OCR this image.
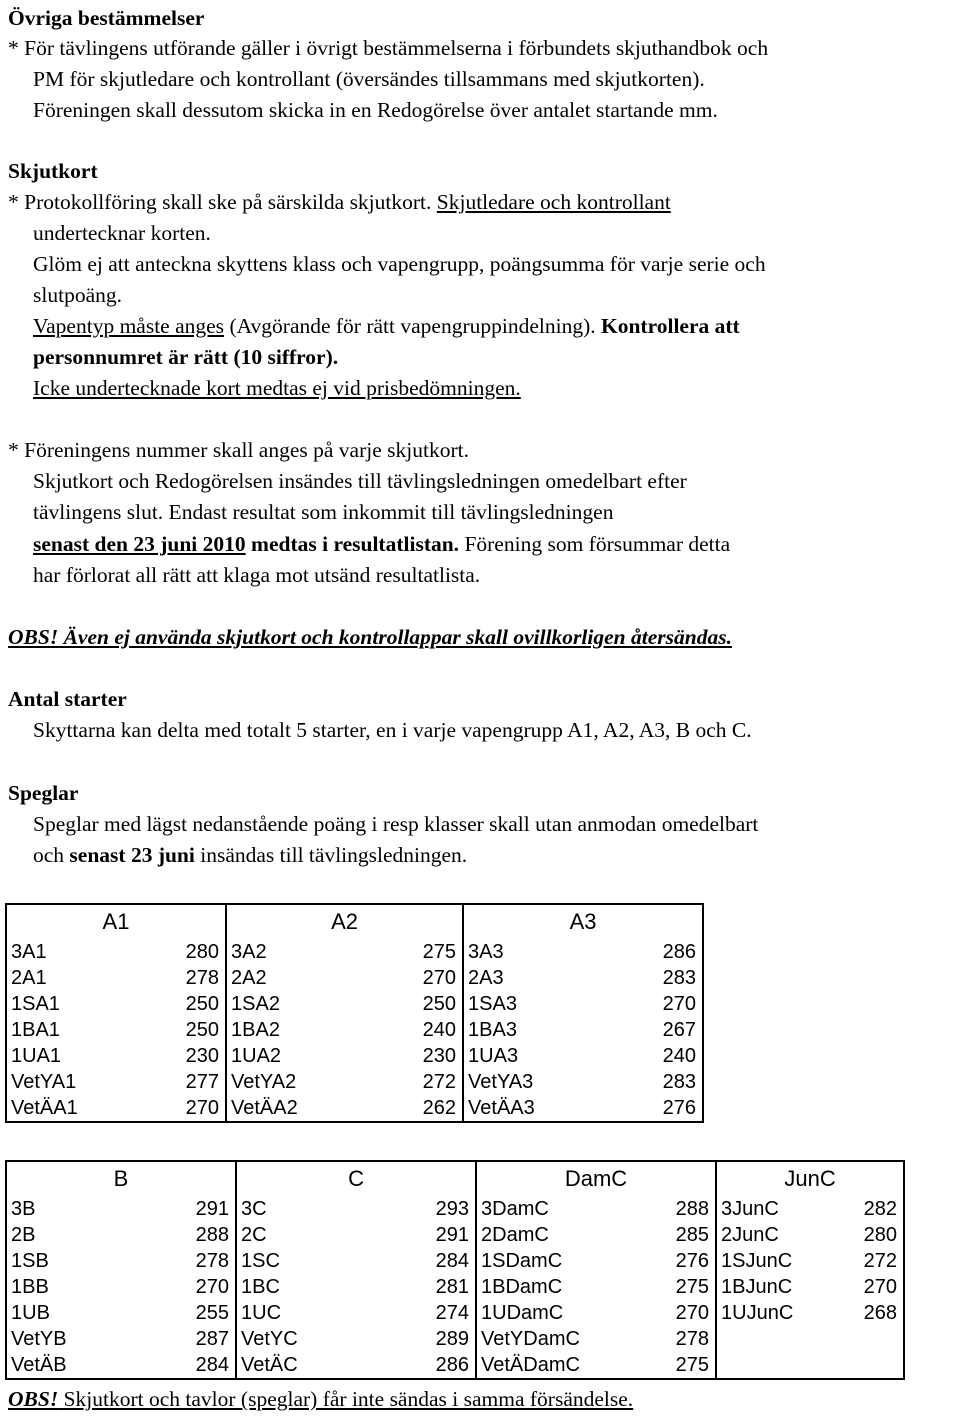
Övriga bestämmelser
* För tävlingens utförande gäller i övrigt bestämmelserna i förbundets skjuthandbok och
PM för skjutledare och kontrollant (översändes tillsammans med skjutkorten).
Föreningen skall dessutom skicka in en Redogörelse över antalet startande mm.
Skjutkort
* Protokollföring skall ske på särskilda skjutkort. Skjutledare och kontrollant
undertecknar korten.
Glöm ej att anteckna skyttens klass och vapengrupp, poängsumma för varje serie och
slutpoäng.
Vapentyp måste anges (Avgörande för rätt vapengruppindelning). Kontrollera att
personnumret är rätt (10 siffror).
Icke undertecknade kort medtas ej vid prisbedömningen.
* Föreningens nummer skall anges på varje skjutkort.
Skjutkort och Redogörelsen insändes till tävlingsledningen omedelbart efter
tävlingens slut. Endast resultat som inkommit till tävlingsledningen
senast den 23 juni 2010 medtas i resultatlistan. Förening som försummar detta
har förlorat all rätt att klaga mot utsänd resultatlista.
OBS! Även ej använda skjutkort och kontrollappar skall ovillkorligen återsändas.
Antal starter
Skyttarna kan delta med totalt 5 starter, en i varje vapengrupp A1, A2, A3, B och C.
Speglar
Speglar med lägst nedanstående poäng i resp klasser skall utan anmodan omedelbart
och senast 23 juni insändas till tävlingsledningen.
A1		A2		A3	
3A1	280	3A2	275	3A3	286
2A1	278	2A2	270	2A3	283
1SA1	250	1SA2	250	1SA3	270
1BA1	250	1BA2	240	1BA3	267
1UA1	230	1UA2	230	1UA3	240
VetYA1	277	VetYA2	272	VetYA3	283
VetÄA1	270	VetÄA2	262	VetÄA3	276
B		C		DamC		JunC	
3B	291	3C	293	3DamC	288	3JunC	282
2B	288	2C	291	2DamC	285	2JunC	280
1SB	278	1SC	284	1SDamC	276	1SJunC	272
1BB	270	1BC	281	1BDamC	275	1BJunC	270
1UB	255	1UC	274	1UDamC	270	1UJunC	268
VetYB	287	VetYC	289	VetYDamC	278		
VetÄB	284	VetÄC	286	VetÄDamC	275		
OBS! Skjutkort och tavlor (speglar) får inte sändas i samma försändelse.
